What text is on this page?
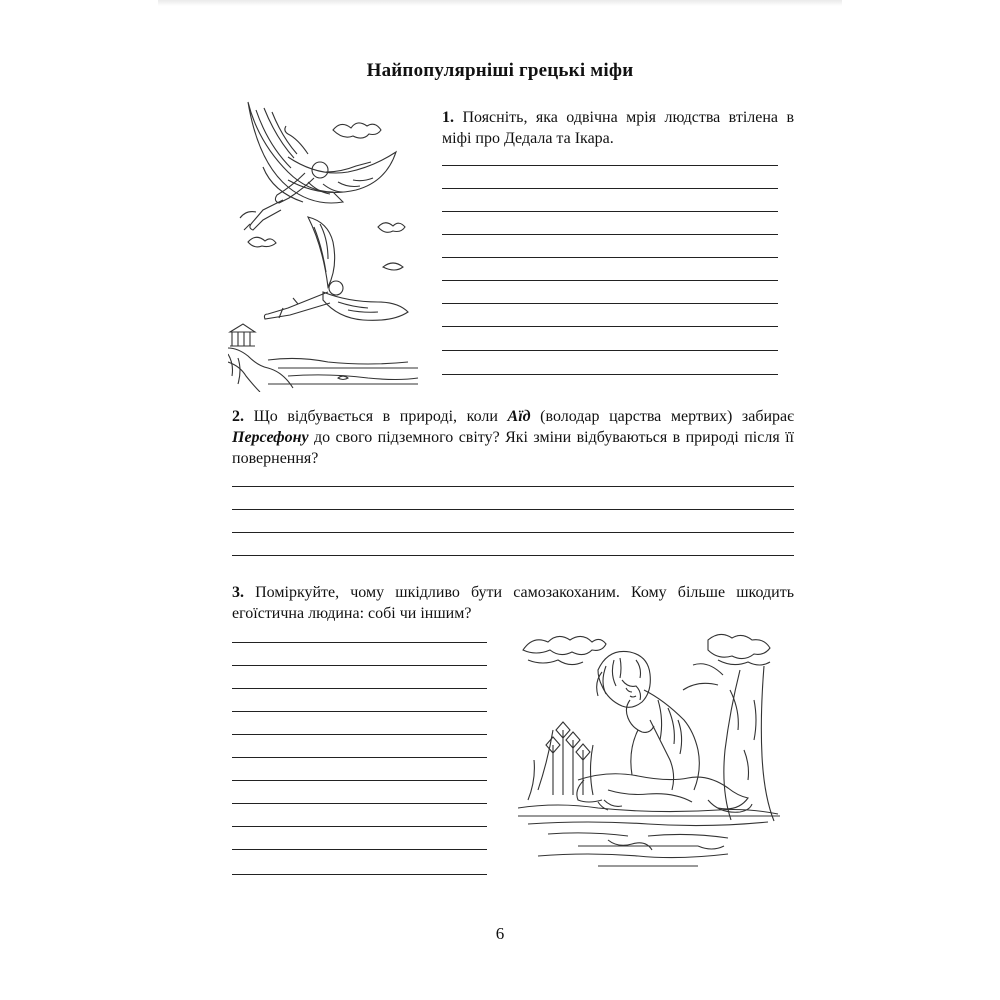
Найпопулярніші грецькі міфи
1. Поясніть, яка одвічна мрія людства втілена в міфі про Дедала та Ікара.
2. Що відбувається в природі, коли Аїд (володар царства мертвих) забирає Персефону до свого підземного світу? Які зміни відбуваються в природі після її повернення?
3. Поміркуйте, чому шкідливо бути самозакоханим. Кому більше шкодить егоїстична людина: собі чи іншим?
6
